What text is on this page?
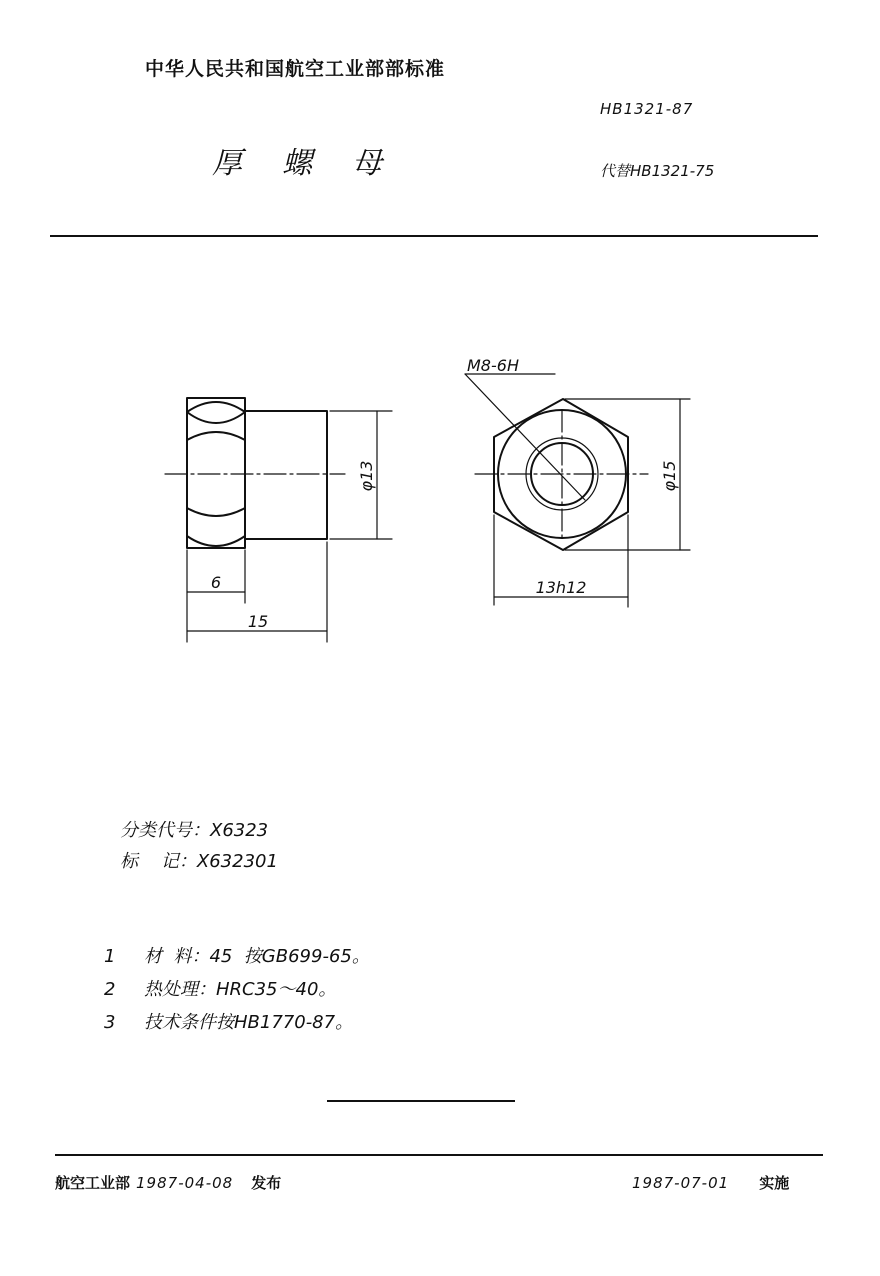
中华人民共和国航空工业部部标准
HB1321-87
厚螺母	代替HB1321-75
M8-6H
φ13	φ15
13h12
6
15
分类代号：X6323
标    记：X632301
1 材  料：45  按GB699-65。
2 热处理：HRC35～40。
3 技术条件按HB1770-87。
航空工业部 1987-04-08 发布	1987-07-01 实施
